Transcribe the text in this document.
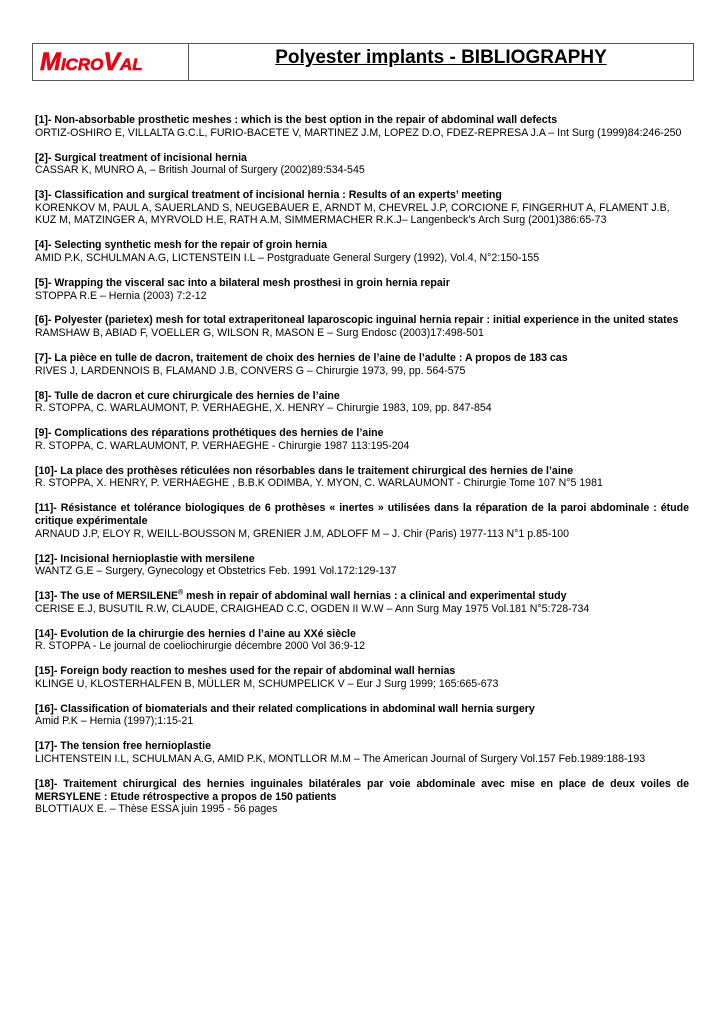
MICROVAL	Polyester implants - BIBLIOGRAPHY
[1]- Non-absorbable prosthetic meshes : which is the best option in the repair of abdominal wall defects
ORTIZ-OSHIRO E, VILLALTA G.C.L, FURIO-BACETE V, MARTINEZ J.M, LOPEZ D.O, FDEZ-REPRESA J.A – Int Surg (1999)84:246-250
[2]- Surgical treatment of incisional hernia
CASSAR K, MUNRO A, – British Journal of Surgery (2002)89:534-545
[3]- Classification and surgical treatment of incisional hernia : Results of an experts’ meeting
KORENKOV M, PAUL A, SAUERLAND S, NEUGEBAUER E, ARNDT M, CHEVREL J.P, CORCIONE F, FINGERHUT A, FLAMENT J.B, KUZ M, MATZINGER A, MYRVOLD H.E, RATH A.M, SIMMERMACHER R.K.J– Langenbeck’s Arch Surg (2001)386:65-73
[4]- Selecting synthetic mesh for the repair of groin hernia
AMID P.K, SCHULMAN A.G, LICTENSTEIN I.L – Postgraduate General Surgery (1992), Vol.4, N°2:150-155
[5]- Wrapping the visceral sac into a bilateral mesh prosthesi in groin hernia repair
STOPPA R.E – Hernia (2003) 7:2-12
[6]- Polyester (parietex) mesh for total extraperitoneal laparoscopic inguinal hernia repair : initial experience in the united states
RAMSHAW B, ABIAD F, VOELLER G, WILSON R, MASON E – Surg Endosc (2003)17:498-501
[7]- La pièce en tulle de dacron, traitement de choix des hernies de l’aine de l’adulte : A propos de 183 cas
RIVES J, LARDENNOIS B, FLAMAND J.B, CONVERS G – Chirurgie 1973, 99, pp. 564-575
[8]- Tulle de dacron et cure chirurgicale des hernies de l’aine
R. STOPPA, C. WARLAUMONT, P. VERHAEGHE, X. HENRY – Chirurgie 1983, 109, pp. 847-854
[9]- Complications des réparations prothétiques des hernies de l’aine
R. STOPPA, C. WARLAUMONT, P. VERHAEGHE - Chirurgie 1987 113:195-204
[10]- La place des prothèses réticulées non résorbables dans le traitement chirurgical des hernies de l’aine
R. STOPPA, X. HENRY, P. VERHAEGHE , B.B.K ODIMBA, Y. MYON, C. WARLAUMONT - Chirurgie Tome 107 N°5 1981
[11]- Résistance et tolérance biologiques de 6 prothèses « inertes » utilisées dans la réparation de la paroi abdominale : étude critique expérimentale
ARNAUD J.P, ELOY R, WEILL-BOUSSON M, GRENIER J.M, ADLOFF M – J. Chir (Paris) 1977-113 N°1 p.85-100
[12]- Incisional hernioplastie with mersilene
WANTZ G.E – Surgery, Gynecology et Obstetrics Feb. 1991 Vol.172:129-137
[13]- The use of MERSILENE® mesh in repair of abdominal wall hernias : a clinical and experimental study
CERISE E.J, BUSUTIL R.W, CLAUDE, CRAIGHEAD C.C, OGDEN II W.W – Ann Surg May 1975 Vol.181 N°5:728-734
[14]- Evolution de la chirurgie des hernies d l’aine au XXé siècle
R. STOPPA - Le journal de coeliochirurgie décembre 2000 Vol 36:9-12
[15]- Foreign body reaction to meshes used for the repair of abdominal wall hernias
KLINGE U, KLOSTERHALFEN B, MÜLLER M, SCHUMPELICK V – Eur J Surg 1999; 165:665-673
[16]- Classification of biomaterials and their related complications in abdominal wall hernia surgery
Amid P.K – Hernia (1997);1:15-21
[17]- The tension free hernioplastie
LICHTENSTEIN I.L, SCHULMAN A.G, AMID P.K, MONTLLOR M.M – The American Journal of Surgery Vol.157 Feb.1989:188-193
[18]- Traitement chirurgical des hernies inguinales bilatérales par voie abdominale avec mise en place de deux voiles de MERSYLENE : Etude rétrospective a propos de 150 patients
BLOTTIAUX E. – Thèse ESSA juin 1995 - 56 pages
